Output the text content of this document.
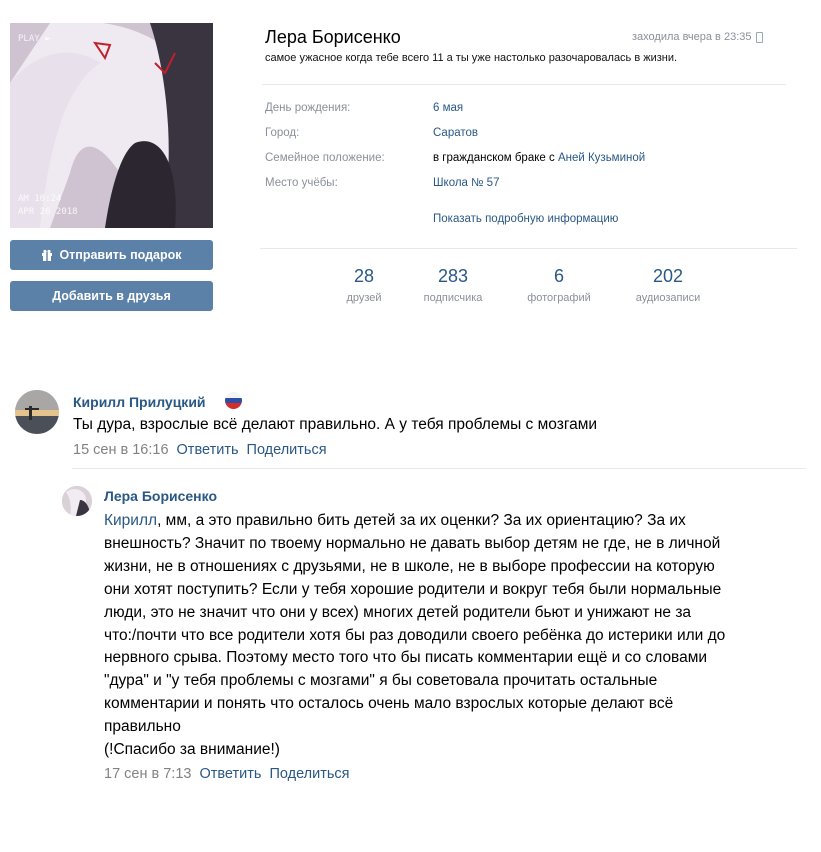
PLAY ►
AM 10:24
APR 26 2018
Отправить подарок
Добавить в друзья
Лера Борисенко
самое ужасное когда тебе всего 11 а ты уже настолько разочаровалась в жизни.
заходила вчера в 23:35
День рождения:	6 мая
Город:	Саратов
Семейное положение:	в гражданском браке с Аней Кузьминой
Место учёбы:	Школа № 57
Показать подробную информацию
28
друзей
283
подписчика
6
фотографий
202
аудиозаписи
Кирилл Прилуцкий
Ты дура, взрослые всё делают правильно. А у тебя проблемы с мозгами
15 сен в 16:16 Ответить Поделиться
Лера Борисенко
Кирилл, мм, а это правильно бить детей за их оценки? За их ориентацию? За их
внешность? Значит по твоему нормально не давать выбор детям не где, не в личной
жизни, не в отношениях с друзьями, не в школе, не в выборе профессии на которую
они хотят поступить? Если у тебя хорошие родители и вокруг тебя были нормальные
люди, это не значит что они у всех) многих детей родители бьют и унижают не за
что:/почти что все родители хотя бы раз доводили своего ребёнка до истерики или до
нервного срыва. Поэтому место того что бы писать комментарии ещё и со словами
"дура" и "у тебя проблемы с мозгами" я бы советовала прочитать остальные
комментарии и понять что осталось очень мало взрослых которые делают всё
правильно
(!Спасибо за внимание!)
17 сен в 7:13 Ответить Поделиться
